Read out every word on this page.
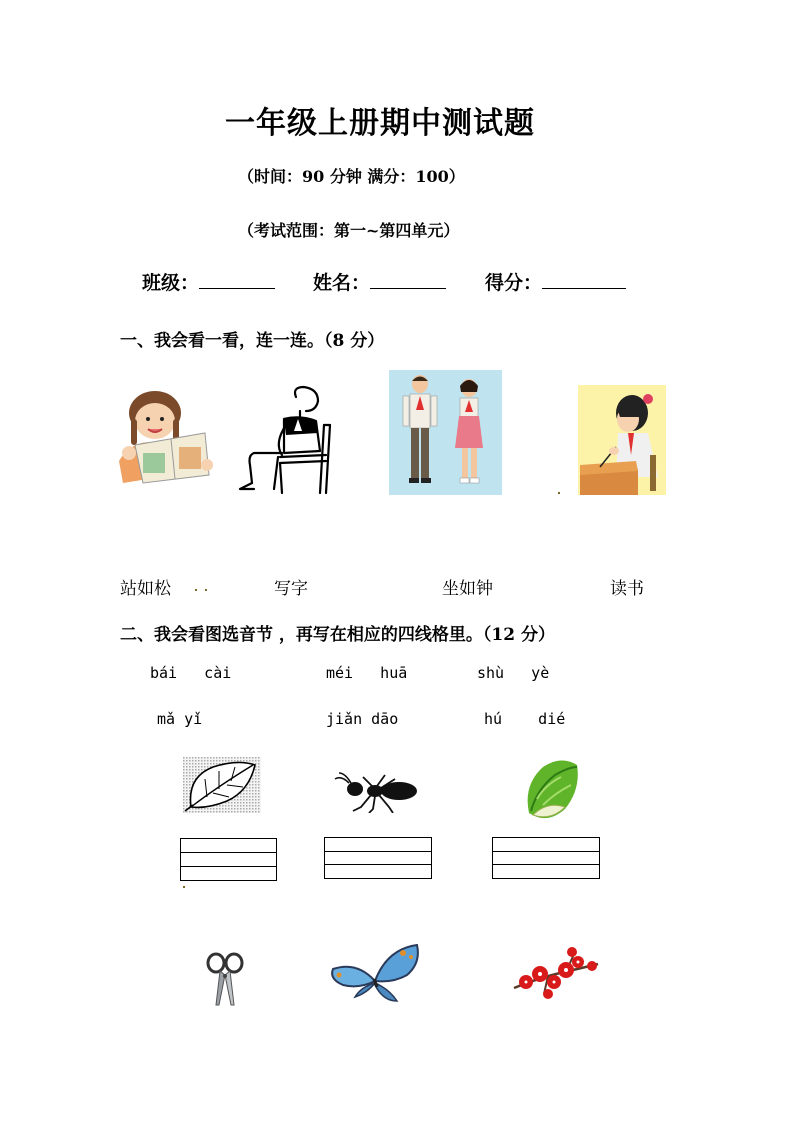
一年级上册期中测试题
（时间：90 分钟 满分：100）
（考试范围：第一~第四单元）
班级：	姓名：	得分：
一、我会看一看，连一连。（8 分）
站如松	写字	坐如钟	读书
二、我会看图选音节 ，再写在相应的四线格里。（12 分）
bái   cài	méi   huā	shù   yè
mǎ yǐ	jiǎn dāo	hú    dié
